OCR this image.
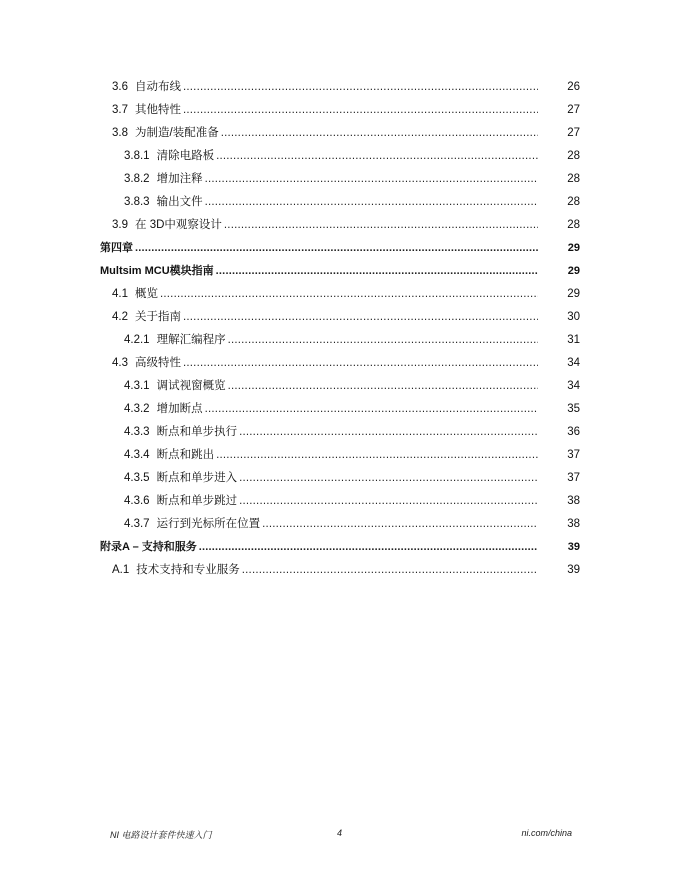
3.6 自动布线 .....	26
3.7 其他特性 .....	27
3.8 为制造/装配准备 .....	27
3.8.1 清除电路板 .....	28
3.8.2 增加注释 .....	28
3.8.3 输出文件 .....	28
3.9 在 3D中观察设计 .....	28
第四章 .....	29
Multsim MCU模块指南 .....	29
4.1 概览 .....	29
4.2 关于指南 .....	30
4.2.1 理解汇编程序 .....	31
4.3 高级特性 .....	34
4.3.1 调试视窗概览 .....	34
4.3.2 增加断点 .....	35
4.3.3 断点和单步执行 .....	36
4.3.4 断点和跳出 .....	37
4.3.5 断点和单步进入 .....	37
4.3.6 断点和单步跳过 .....	38
4.3.7 运行到光标所在位置 .....	38
附录A – 支持和服务 .....	39
A.1 技术支持和专业服务 .....	39
NI 电路设计套件快速入门	4	ni.com/china
